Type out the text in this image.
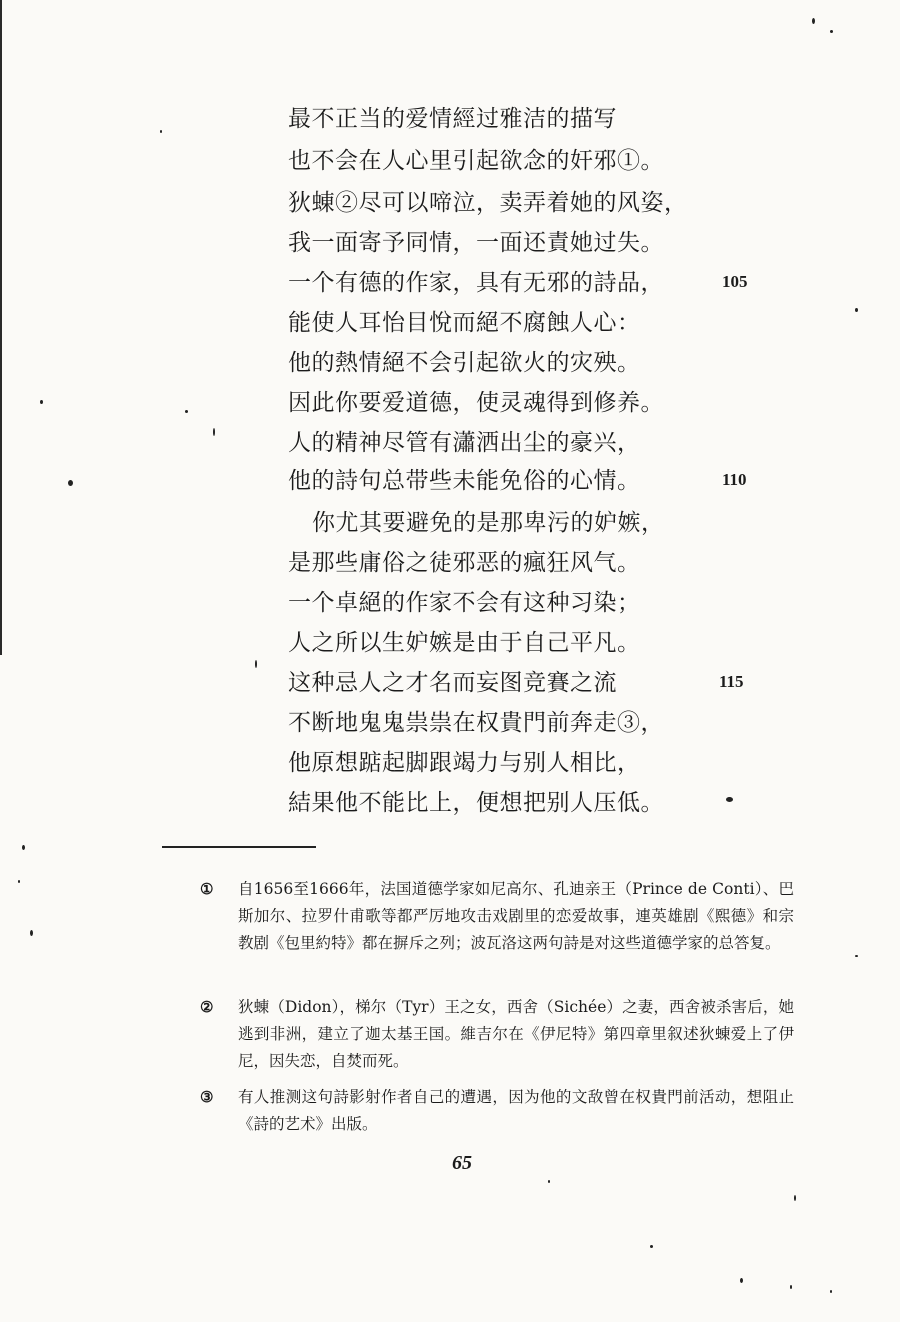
最不正当的爱情經过雅洁的描写
也不会在人心里引起欲念的奸邪①。
狄蝀②尽可以啼泣，卖弄着她的风姿，
我一面寄予同情，一面还責她过失。
一个有德的作家，具有无邪的詩品，
能使人耳怡目悅而絕不腐蝕人心：
他的熱情絕不会引起欲火的灾殃。
因此你要爱道德，使灵魂得到修养。
人的精神尽管有瀟洒出尘的豪兴，
他的詩句总带些未能免俗的心情。
你尤其要避免的是那卑污的妒嫉，
是那些庸俗之徒邪恶的瘋狂风气。
一个卓絕的作家不会有这种习染；
人之所以生妒嫉是由于自己平凡。
这种忌人之才名而妄图竞賽之流
不断地鬼鬼祟祟在权貴門前奔走③，
他原想踮起脚跟竭力与别人相比，
結果他不能比上，便想把别人压低。
105
110
115
① 自1656至1666年，法国道德学家如尼高尔、孔迪亲王（Prince de Conti）、巴斯加尔、拉罗什甫歌等都严厉地攻击戏剧里的恋爱故事，連英雄剧《熙德》和宗教剧《包里約特》都在摒斥之列；波瓦洛这两句詩是对这些道德学家的总答复。
② 狄蝀（Didon），梯尔（Tyr）王之女，西舍（Sichée）之妻，西舍被杀害后，她逃到非洲，建立了迦太基王国。維吉尔在《伊尼特》第四章里叙述狄蝀爱上了伊尼，因失恋，自焚而死。
③ 有人推测这句詩影射作者自己的遭遇，因为他的文敌曾在权貴門前活动，想阻止《詩的艺术》出版。
65
